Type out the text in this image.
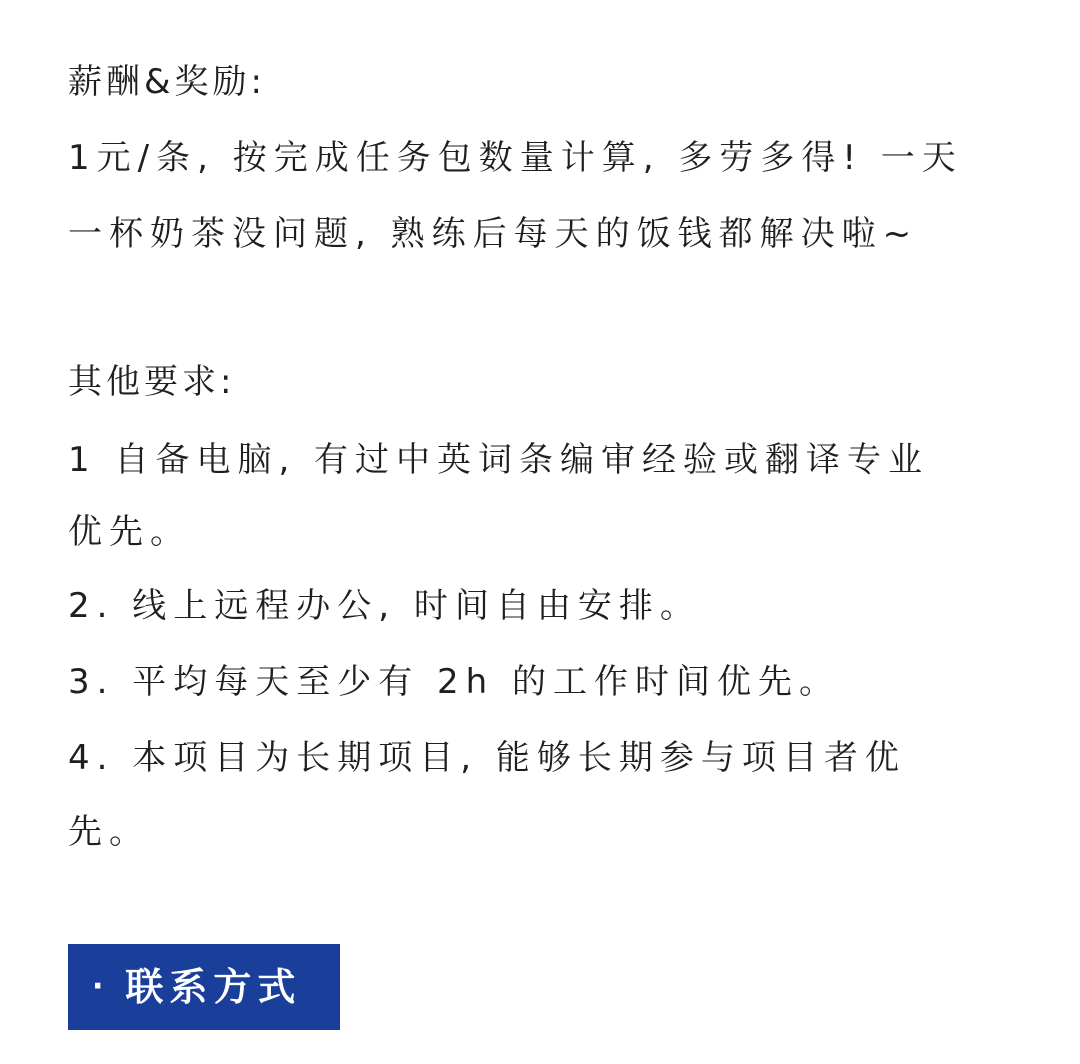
薪酬&奖励:
1元/条, 按完成任务包数量计算, 多劳多得! 一天
一杯奶茶没问题, 熟练后每天的饭钱都解决啦~
其他要求:
1 自备电脑, 有过中英词条编审经验或翻译专业
优先。
2. 线上远程办公, 时间自由安排。
3. 平均每天至少有 2h 的工作时间优先。
4. 本项目为长期项目, 能够长期参与项目者优
先。
· 联系方式
